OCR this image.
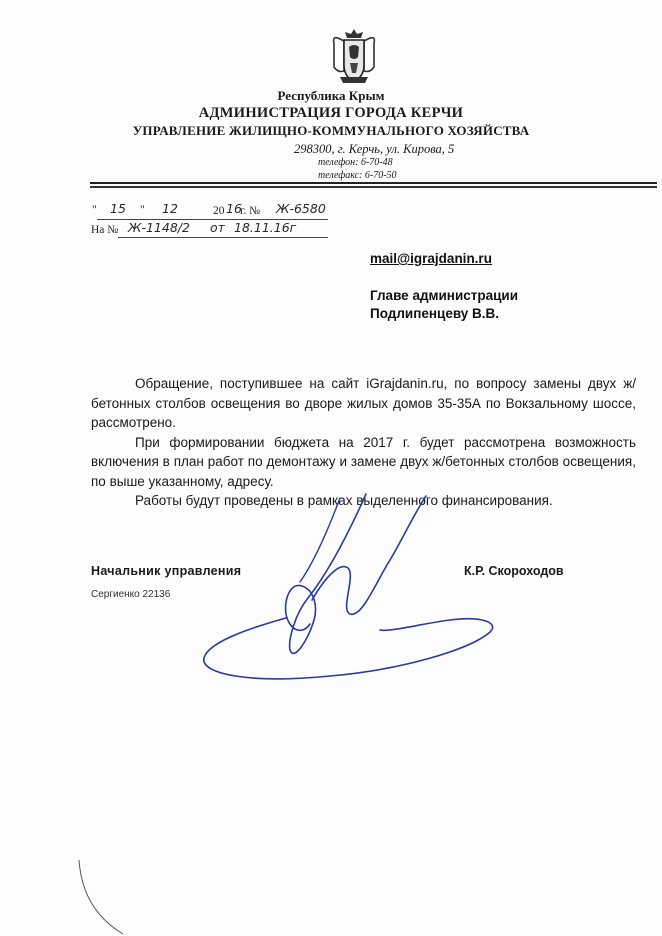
Республика Крым
АДМИНИСТРАЦИЯ ГОРОДА КЕРЧИ
УПРАВЛЕНИЕ ЖИЛИЩНО-КОММУНАЛЬНОГО ХОЗЯЙСТВА
298300, г. Керчь, ул. Кирова, 5
телефон: 6-70-48
телефакс: 6-70-50
" 15 " 12	20 16
г. № Ж-6580
На № Ж-1148/2 от 18.11.16г
mail@igrajdanin.ru
Главе администрации
Подлипенцеву В.В.

Обращение, поступившее на сайт iGrajdanin.ru, по вопросу замены двух ж/бетонных столбов освещения во дворе жилых домов 35-35А по Вокзальному шоссе, рассмотрено.

При формировании бюджета на 2017 г. будет рассмотрена возможность включения в план работ по демонтажу и замене двух ж/бетонных столбов освещения, по выше указанному, адресу.

Работы будут проведены в рамках выделенного финансирования.

Начальник управления	К.Р. Скороходов
Сергиенко 22136
